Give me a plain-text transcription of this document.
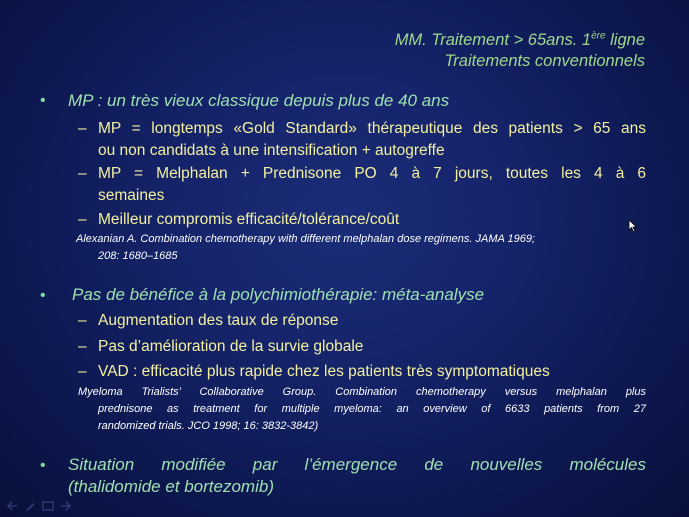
MM. Traitement > 65ans. 1ère ligne
Traitements conventionnels
• MP : un très vieux classique depuis plus de 40 ans
– MP = longtemps «Gold Standard» thérapeutique des patients > 65 ans
ou non candidats à une intensification + autogreffe
– MP = Melphalan + Prednisone PO 4 à 7 jours, toutes les 4 à 6
semaines
– Meilleur compromis efficacité/tolérance/coût
Alexanian A. Combination chemotherapy with different melphalan dose regimens. JAMA 1969;
208: 1680–1685
• Pas de bénéfice à la polychimiothérapie: méta-analyse
– Augmentation des taux de réponse
– Pas d’amélioration de la survie globale
– VAD : efficacité plus rapide chez les patients très symptomatiques
Myeloma Trialists’ Collaborative Group. Combination chemotherapy versus melphalan plus
prednisone as treatment for multiple myeloma: an overview of 6633 patients from 27
randomized trials. JCO 1998; 16: 3832-3842)
• Situation modifiée par l’émergence de nouvelles molécules
(thalidomide et bortezomib)
